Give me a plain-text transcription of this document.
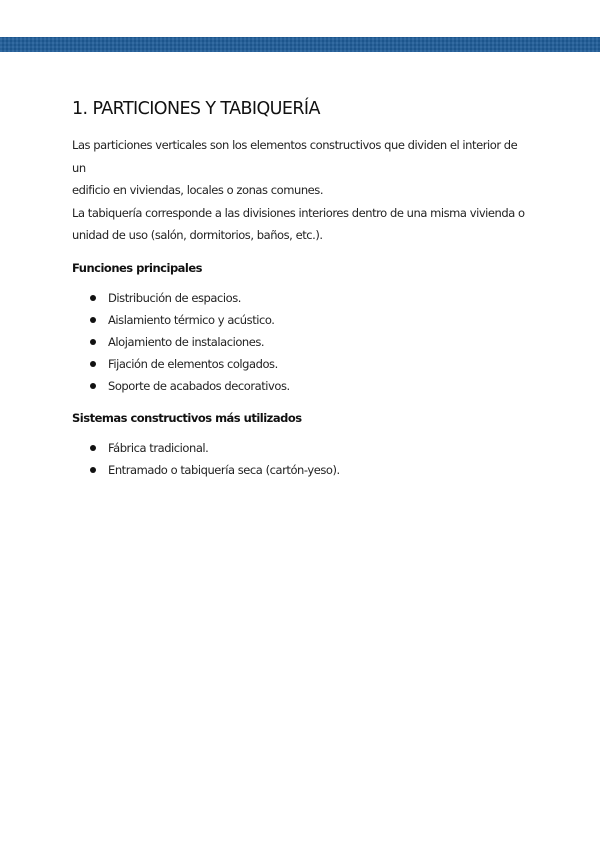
1. PARTICIONES Y TABIQUERÍA

Las particiones verticales son los elementos constructivos que dividen el interior de un

edificio en viviendas, locales o zonas comunes.

La tabiquería corresponde a las divisiones interiores dentro de una misma vivienda o

unidad de uso (salón, dormitorios, baños, etc.).

Funciones principales
Distribución de espacios.
Aislamiento térmico y acústico.
Alojamiento de instalaciones.
Fijación de elementos colgados.
Soporte de acabados decorativos.
Sistemas constructivos más utilizados
Fábrica tradicional.
Entramado o tabiquería seca (cartón-yeso).
